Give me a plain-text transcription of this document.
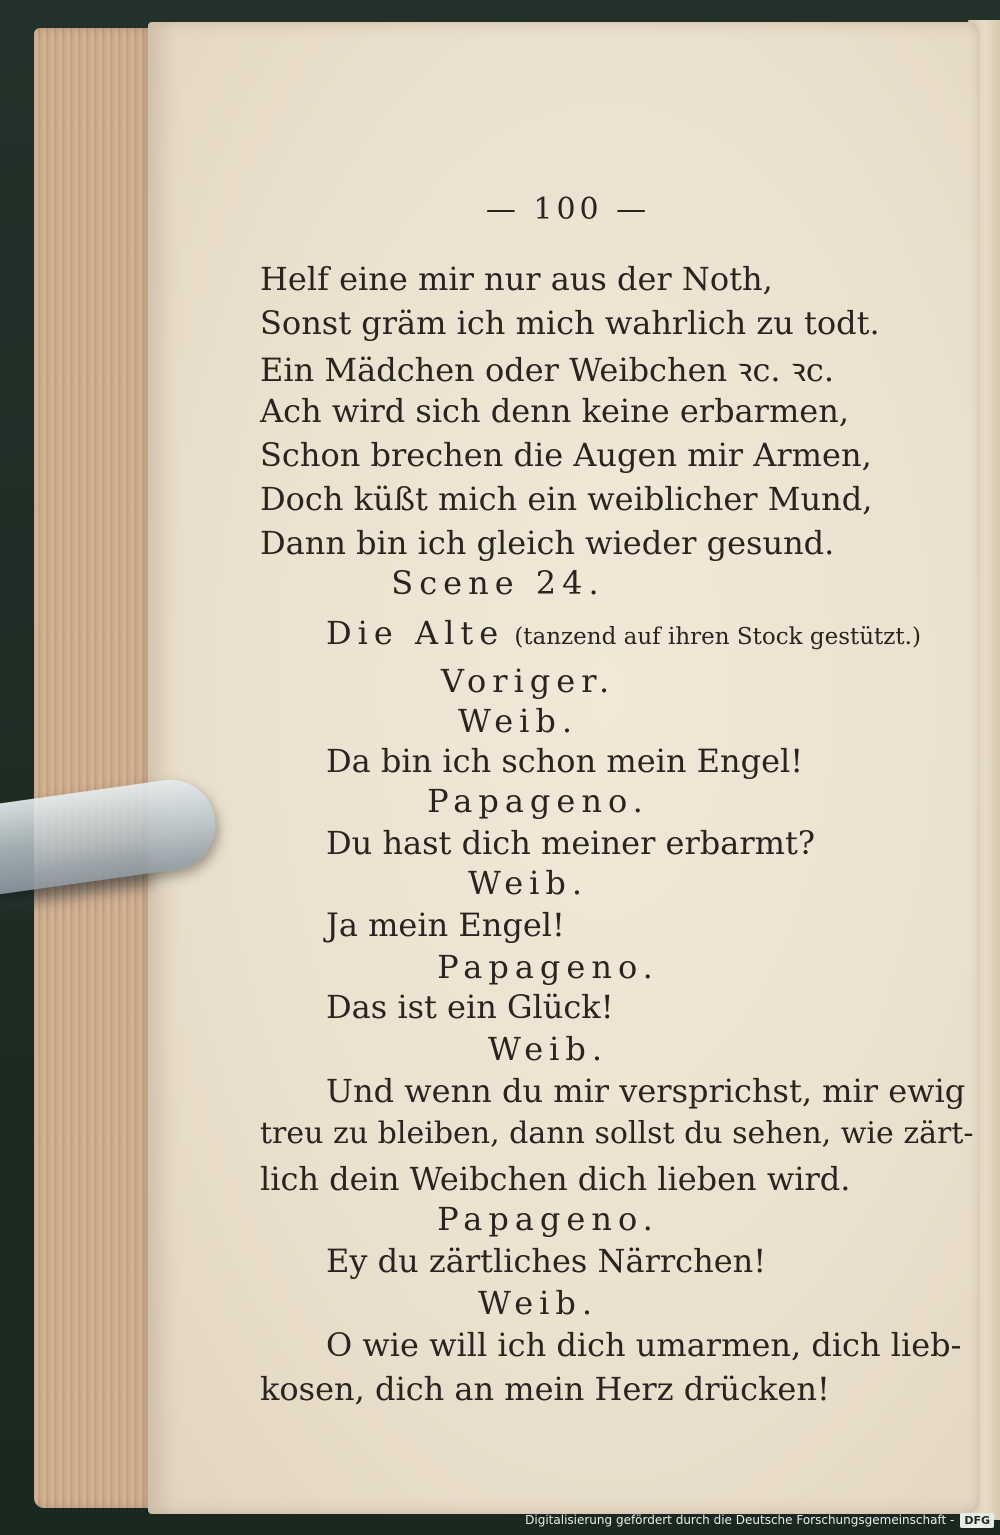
— 100 —
Helf eine mir nur aus der Noth,
Sonst gräm ich mich wahrlich zu todt.
Ein Mädchen oder Weibchen ꝛc. ꝛc.
Ach wird sich denn keine erbarmen,
Schon brechen die Augen mir Armen,
Doch küßt mich ein weiblicher Mund,
Dann bin ich gleich wieder gesund.
Scene 24.
Die Alte (tanzend auf ihren Stock gestützt.)
Voriger.
Weib.
Da bin ich schon mein Engel!
Papageno.
Du hast dich meiner erbarmt?
Weib.
Ja mein Engel!
Papageno.
Das ist ein Glück!
Weib.
Und wenn du mir versprichst, mir ewig
treu zu bleiben, dann sollst du sehen, wie zärt-
lich dein Weibchen dich lieben wird.
Papageno.
Ey du zärtliches Närrchen!
Weib.
O wie will ich dich umarmen, dich lieb-
kosen, dich an mein Herz drücken!
Digitalisierung gefördert durch die Deutsche Forschungsgemeinschaft - DFG
